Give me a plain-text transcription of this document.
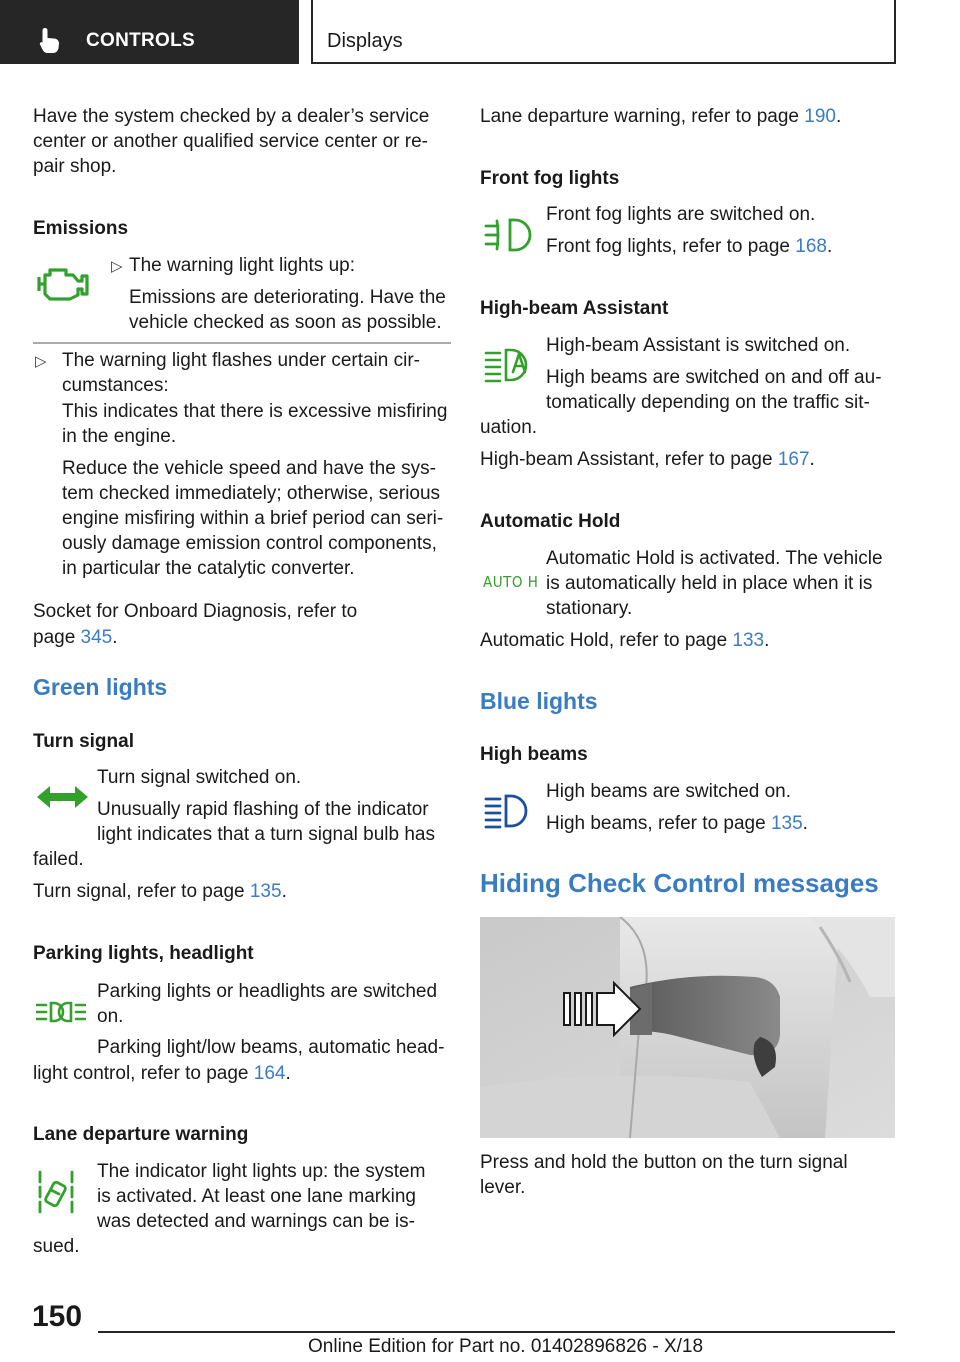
CONTROLS	Displays
Have the system checked by a dealer’s service
center or another qualified service center or re-
pair shop.
Emissions
▷ The warning light lights up:
Emissions are deteriorating. Have the
vehicle checked as soon as possible.
▷ The warning light flashes under certain cir-
cumstances:
This indicates that there is excessive misfiring
in the engine.
Reduce the vehicle speed and have the sys-
tem checked immediately; otherwise, serious
engine misfiring within a brief period can seri-
ously damage emission control components,
in particular the catalytic converter.
Socket for Onboard Diagnosis, refer to
page 345.
Green lights
Turn signal
Turn signal switched on.
Unusually rapid flashing of the indicator
light indicates that a turn signal bulb has
failed.
Turn signal, refer to page 135.
Parking lights, headlight
Parking lights or headlights are switched
on.
Parking light/low beams, automatic head-
light control, refer to page 164.
Lane departure warning
The indicator light lights up: the system
is activated. At least one lane marking
was detected and warnings can be is-
sued.
Lane departure warning, refer to page 190.
Front fog lights
Front fog lights are switched on.
Front fog lights, refer to page 168.
High-beam Assistant
High-beam Assistant is switched on.
High beams are switched on and off au-
tomatically depending on the traffic sit-
uation.
High-beam Assistant, refer to page 167.
Automatic Hold
AUTO H
Automatic Hold is activated. The vehicle
is automatically held in place when it is
stationary.
Automatic Hold, refer to page 133.
Blue lights
High beams
High beams are switched on.
High beams, refer to page 135.
Hiding Check Control messages
Press and hold the button on the turn signal
lever.
150
Online Edition for Part no. 01402896826 - X/18
